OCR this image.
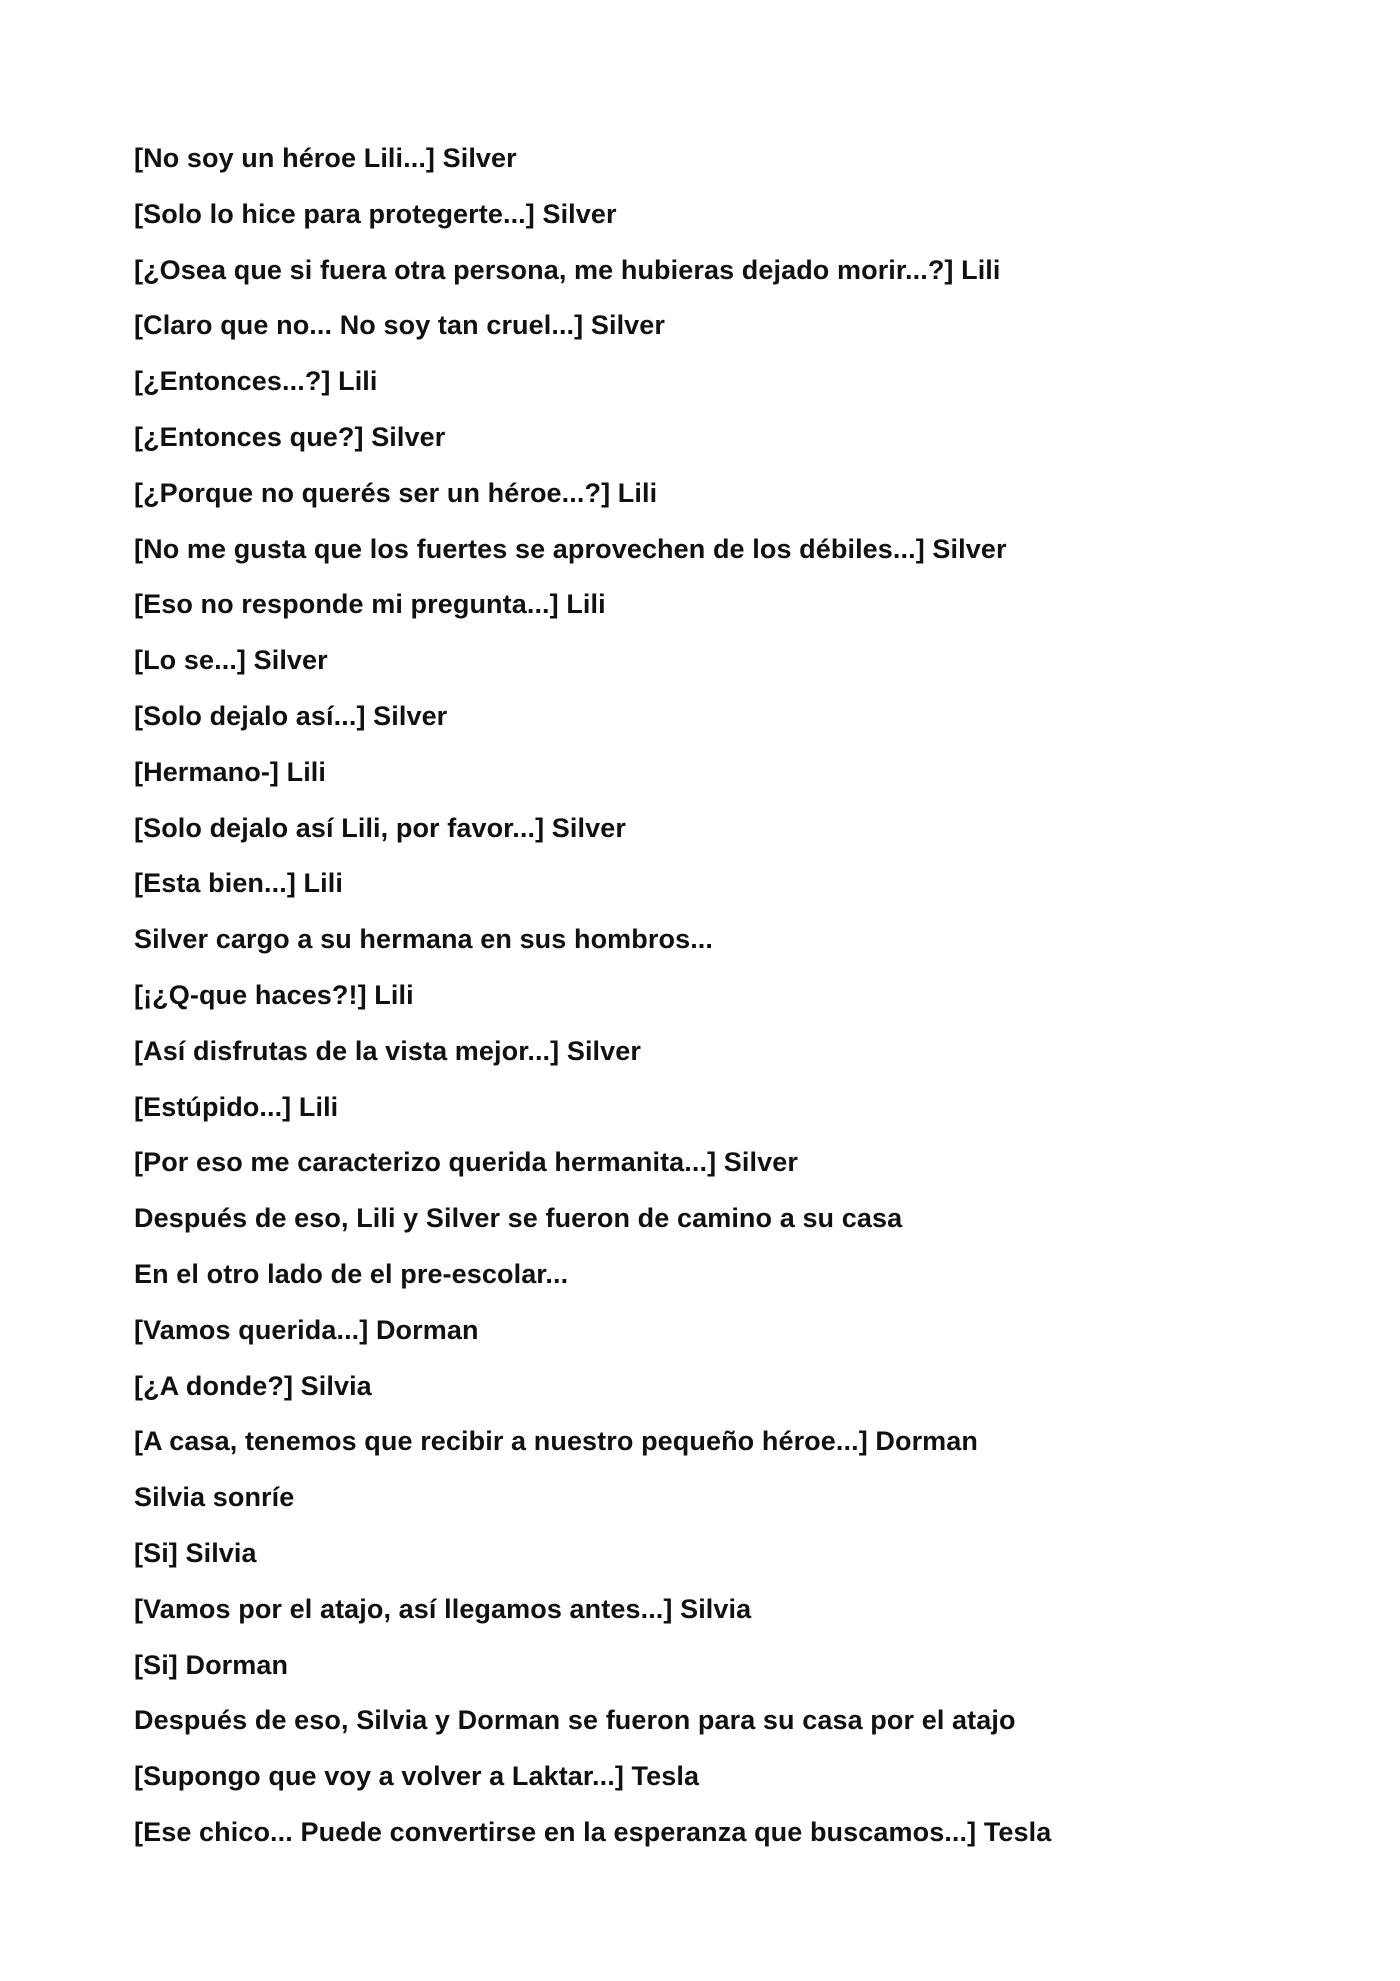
[No soy un héroe Lili...] Silver
[Solo lo hice para protegerte...] Silver
[¿Osea que si fuera otra persona, me hubieras dejado morir...?] Lili
[Claro que no... No soy tan cruel...] Silver
[¿Entonces...?] Lili
[¿Entonces que?] Silver
[¿Porque no querés ser un héroe...?] Lili
[No me gusta que los fuertes se aprovechen de los débiles...] Silver
[Eso no responde mi pregunta...] Lili
[Lo se...] Silver
[Solo dejalo así...] Silver
[Hermano-] Lili
[Solo dejalo así Lili, por favor...] Silver
[Esta bien...] Lili
Silver cargo a su hermana en sus hombros...
[¡¿Q-que haces?!] Lili
[Así disfrutas de la vista mejor...] Silver
[Estúpido...] Lili
[Por eso me caracterizo querida hermanita...] Silver
Después de eso, Lili y Silver se fueron de camino a su casa
En el otro lado de el pre-escolar...
[Vamos querida...] Dorman
[¿A donde?] Silvia
[A casa, tenemos que recibir a nuestro pequeño héroe...] Dorman
Silvia sonríe
[Si] Silvia
[Vamos por el atajo, así llegamos antes...] Silvia
[Si] Dorman
Después de eso, Silvia y Dorman se fueron para su casa por el atajo
[Supongo que voy a volver a Laktar...] Tesla
[Ese chico... Puede convertirse en la esperanza que buscamos...] Tesla
